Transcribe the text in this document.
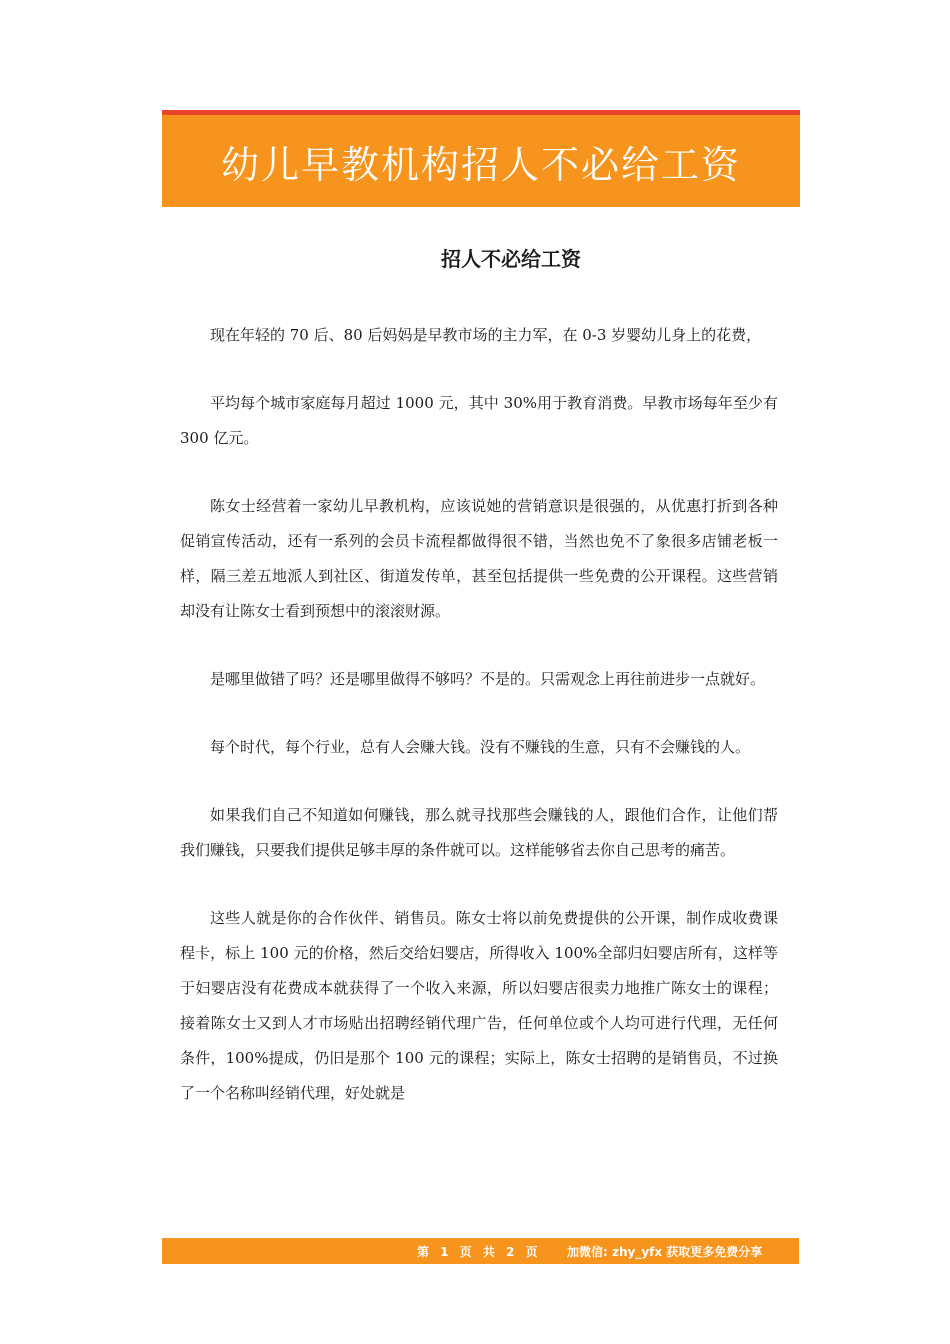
幼儿早教机构招人不必给工资
招人不必给工资

现在年轻的 70 后、80 后妈妈是早教市场的主力军，在 0-3 岁婴幼儿身上的花费，

平均每个城市家庭每月超过 1000 元，其中 30%用于教育消费。早教市场每年至少有 300 亿元。

陈女士经营着一家幼儿早教机构，应该说她的营销意识是很强的，从优惠打折到各种促销宣传活动，还有一系列的会员卡流程都做得很不错，当然也免不了象很多店铺老板一样，隔三差五地派人到社区、街道发传单，甚至包括提供一些免费的公开课程。这些营销却没有让陈女士看到预想中的滚滚财源。

是哪里做错了吗？还是哪里做得不够吗？不是的。只需观念上再往前进步一点就好。

每个时代，每个行业，总有人会赚大钱。没有不赚钱的生意，只有不会赚钱的人。

如果我们自己不知道如何赚钱，那么就寻找那些会赚钱的人，跟他们合作，让他们帮我们赚钱，只要我们提供足够丰厚的条件就可以。这样能够省去你自己思考的痛苦。

这些人就是你的合作伙伴、销售员。陈女士将以前免费提供的公开课，制作成收费课程卡，标上 100 元的价格，然后交给妇婴店，所得收入 100%全部归妇婴店所有，这样等于妇婴店没有花费成本就获得了一个收入来源，所以妇婴店很卖力地推广陈女士的课程；接着陈女士又到人才市场贴出招聘经销代理广告，任何单位或个人均可进行代理，无任何条件，100%提成，仍旧是那个 100 元的课程；实际上，陈女士招聘的是销售员，不过换了一个名称叫经销代理，好处就是

第 1 页 共 2 页 加微信: zhy_yfx 获取更多免费分享
